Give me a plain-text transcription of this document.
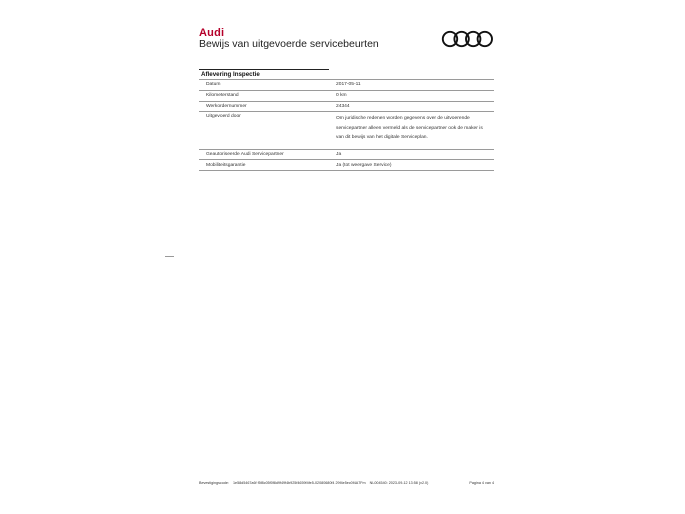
Audi
Bewijs van uitgevoerde servicebeurten
Aflevering Inspectie
Datum	2017-05-11
Kilometerstand	0 km
Werkordernummer	24344
Uitgevoerd door	Om juridische redenen worden gegevens over de uitvoerende
servicepartner alleen vermeld als de servicepartner ook de maker is
van dit bewijs van het digitale Serviceplan.
Geautoriseerde Audi Servicepartner	Ja
Mobiliteitsgarantie	Ja (tot weergave Service)
Bevestigingscode: 1e58d5467a6f f5f8c05f0f8d9f49f4b925f4659f4fe5-02080680f4 29f4e5ec0f4A7Fm NL004540: 2023-09-12 13:58 (v2.0)	Pagina 4 van 4
